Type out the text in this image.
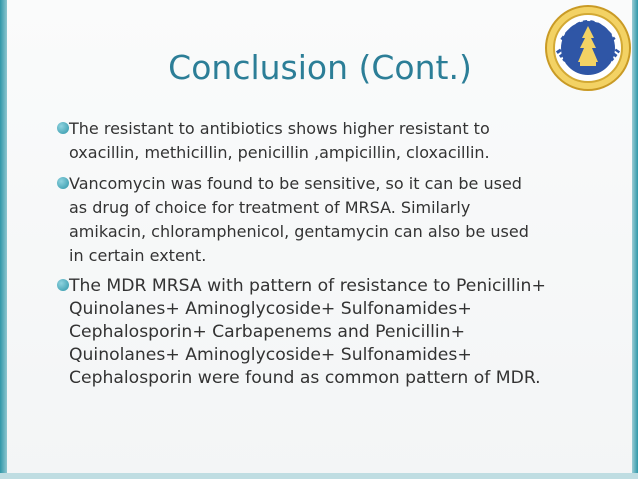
Conclusion (Cont.)
The resistant to antibiotics shows higher resistant to
oxacillin, methicillin, penicillin ,ampicillin, cloxacillin.
Vancomycin was found to be sensitive, so it can be used
as drug of choice for treatment of MRSA. Similarly
amikacin, chloramphenicol, gentamycin can also be used
in certain extent.
The MDR MRSA with pattern of resistance to Penicillin+
Quinolanes+ Aminoglycoside+ Sulfonamides+
Cephalosporin+ Carbapenems and Penicillin+
Quinolanes+ Aminoglycoside+ Sulfonamides+
Cephalosporin were found as common pattern of MDR.
